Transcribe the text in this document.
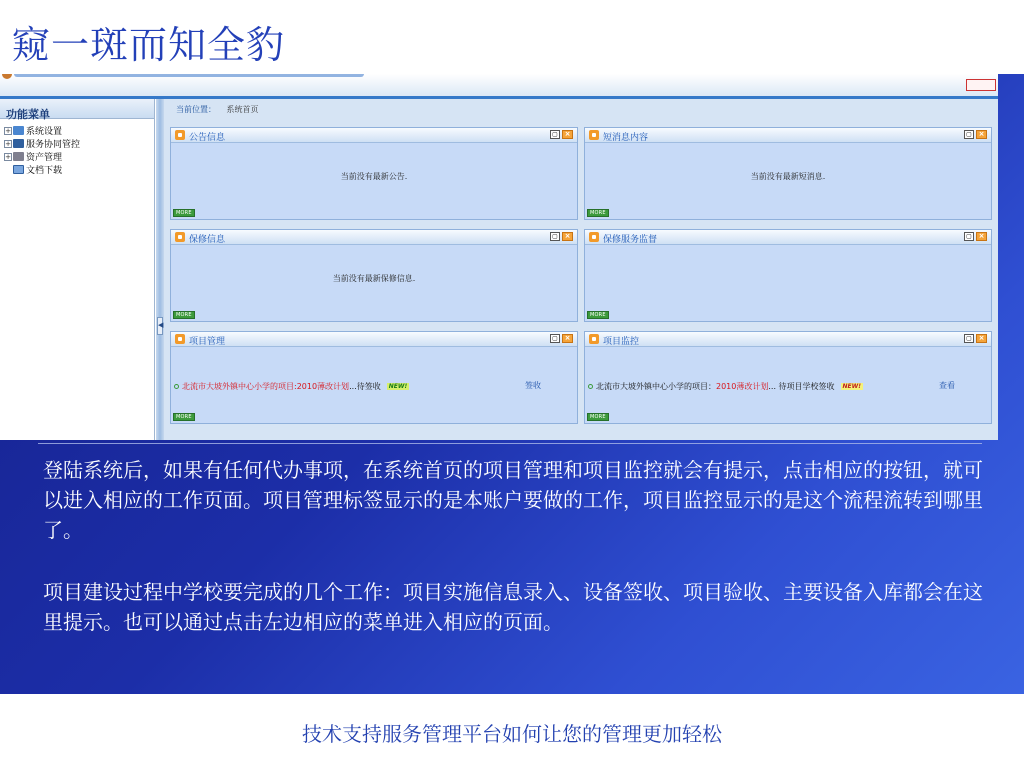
窥一斑而知全豹
功能菜单
+ 系统设置
+ 服务协同管控
+ 资产管理
文档下载
◀
当前位置： 系统首页
公告信息	▢ ×
当前没有最新公告.
MORE
短消息内容	▢ ×
当前没有最新短消息.
MORE
保修信息	▢ ×
当前没有最新保修信息.
MORE
保修服务监督	▢ ×
MORE
项目管理	▢ ×
北流市大坡外镇中心小学的项目:2010薄改计划 ...待签收	NEW!	签收
MORE
项目监控	▢ ×
北流市大坡外镇中心小学的项目： 2010薄改计划 ... 待项目学校签收	NEW!	查看
MORE

登陆系统后，如果有任何代办事项，在系统首页的项目管理和项目监控就会有提示，点击相应的按钮，就可以进入相应的工作页面。项目管理标签显示的是本账户要做的工作，项目监控显示的是这个流程流转到哪里了。

项目建设过程中学校要完成的几个工作：项目实施信息录入、设备签收、项目验收、主要设备入库都会在这里提示。也可以通过点击左边相应的菜单进入相应的页面。

技术支持服务管理平台如何让您的管理更加轻松
